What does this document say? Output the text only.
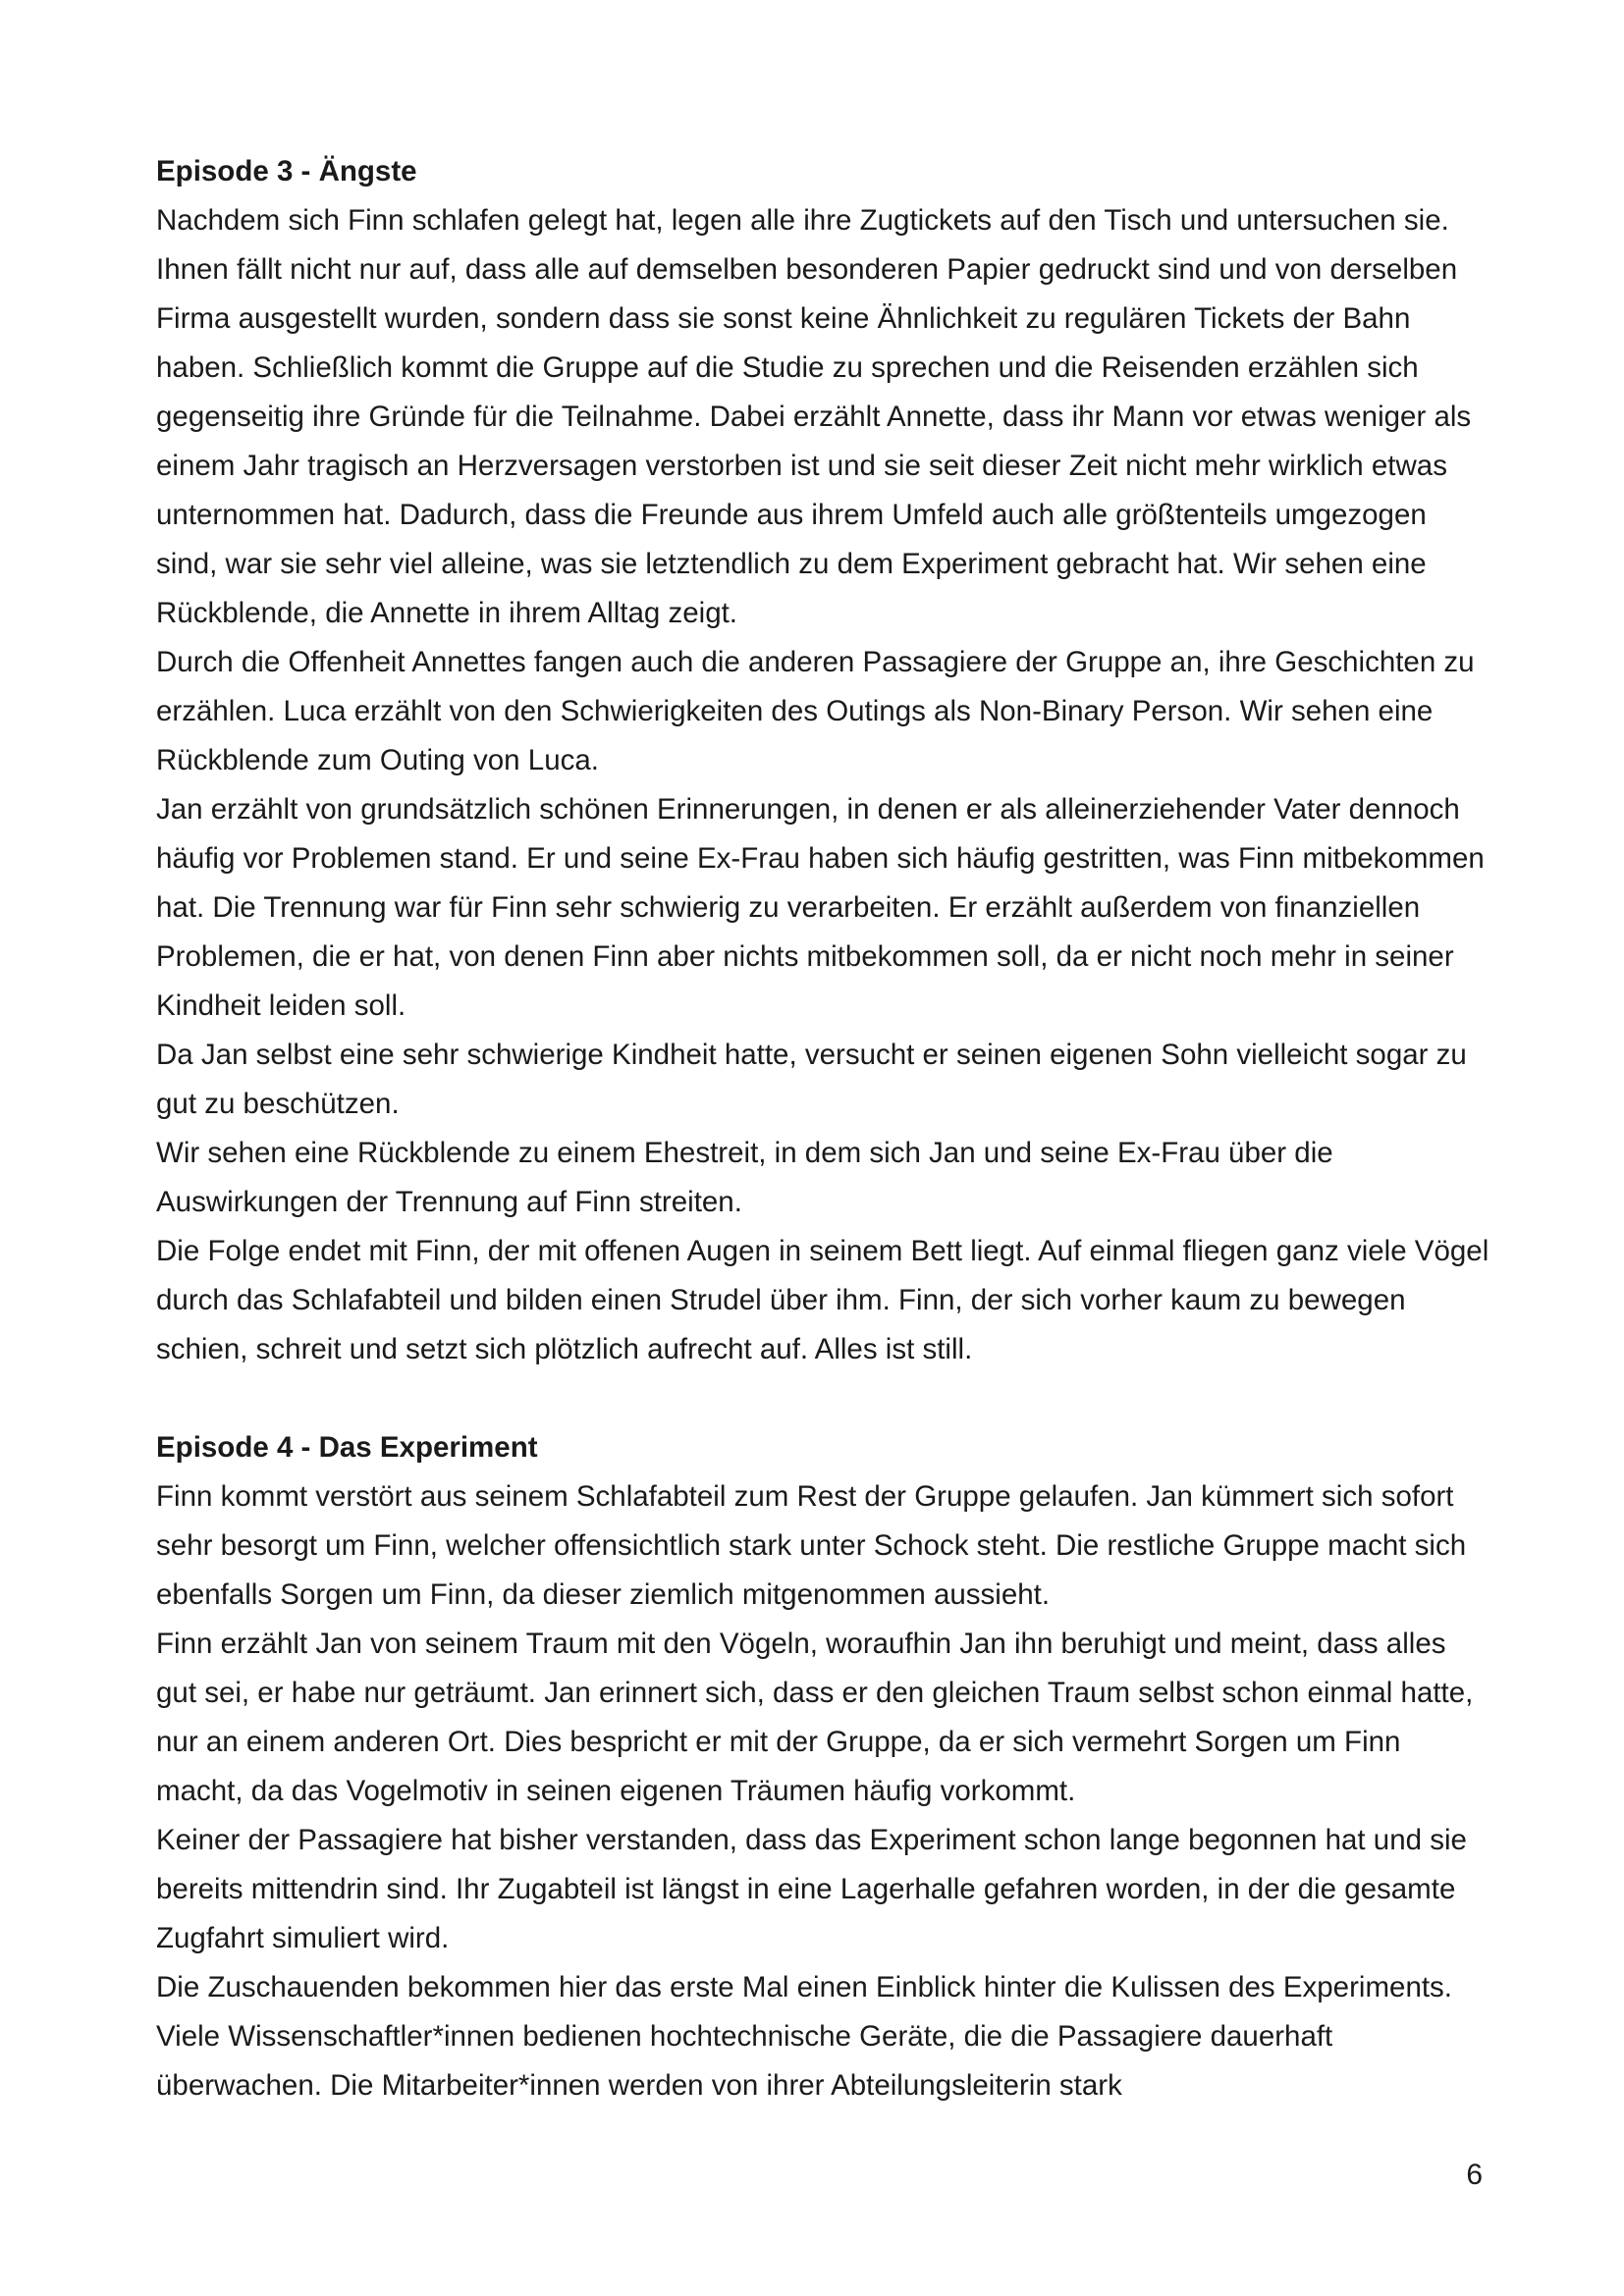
Episode 3 - Ängste

Nachdem sich Finn schlafen gelegt hat, legen alle ihre Zugtickets auf den Tisch und untersuchen sie. Ihnen fällt nicht nur auf, dass alle auf demselben besonderen Papier gedruckt sind und von derselben Firma ausgestellt wurden, sondern dass sie sonst keine Ähnlichkeit zu regulären Tickets der Bahn haben. Schließlich kommt die Gruppe auf die Studie zu sprechen und die Reisenden erzählen sich gegenseitig ihre Gründe für die Teilnahme. Dabei erzählt Annette, dass ihr Mann vor etwas weniger als einem Jahr tragisch an Herzversagen verstorben ist und sie seit dieser Zeit nicht mehr wirklich etwas unternommen hat. Dadurch, dass die Freunde aus ihrem Umfeld auch alle größtenteils umgezogen sind, war sie sehr viel alleine, was sie letztendlich zu dem Experiment gebracht hat. Wir sehen eine Rückblende, die Annette in ihrem Alltag zeigt.

Durch die Offenheit Annettes fangen auch die anderen Passagiere der Gruppe an, ihre Geschichten zu erzählen. Luca erzählt von den Schwierigkeiten des Outings als Non-Binary Person. Wir sehen eine Rückblende zum Outing von Luca.

Jan erzählt von grundsätzlich schönen Erinnerungen, in denen er als alleinerziehender Vater dennoch häufig vor Problemen stand. Er und seine Ex-Frau haben sich häufig gestritten, was Finn mitbekommen hat. Die Trennung war für Finn sehr schwierig zu verarbeiten. Er erzählt außerdem von finanziellen Problemen, die er hat, von denen Finn aber nichts mitbekommen soll, da er nicht noch mehr in seiner Kindheit leiden soll.

Da Jan selbst eine sehr schwierige Kindheit hatte, versucht er seinen eigenen Sohn vielleicht sogar zu gut zu beschützen.

Wir sehen eine Rückblende zu einem Ehestreit, in dem sich Jan und seine Ex-Frau über die Auswirkungen der Trennung auf Finn streiten.

Die Folge endet mit Finn, der mit offenen Augen in seinem Bett liegt. Auf einmal fliegen ganz viele Vögel durch das Schlafabteil und bilden einen Strudel über ihm. Finn, der sich vorher kaum zu bewegen schien, schreit und setzt sich plötzlich aufrecht auf. Alles ist still.

Episode 4 - Das Experiment

Finn kommt verstört aus seinem Schlafabteil zum Rest der Gruppe gelaufen. Jan kümmert sich sofort sehr besorgt um Finn, welcher offensichtlich stark unter Schock steht. Die restliche Gruppe macht sich ebenfalls Sorgen um Finn, da dieser ziemlich mitgenommen aussieht.

Finn erzählt Jan von seinem Traum mit den Vögeln, woraufhin Jan ihn beruhigt und meint, dass alles gut sei, er habe nur geträumt. Jan erinnert sich, dass er den gleichen Traum selbst schon einmal hatte, nur an einem anderen Ort. Dies bespricht er mit der Gruppe, da er sich vermehrt Sorgen um Finn macht, da das Vogelmotiv in seinen eigenen Träumen häufig vorkommt.

Keiner der Passagiere hat bisher verstanden, dass das Experiment schon lange begonnen hat und sie bereits mittendrin sind. Ihr Zugabteil ist längst in eine Lagerhalle gefahren worden, in der die gesamte Zugfahrt simuliert wird.

Die Zuschauenden bekommen hier das erste Mal einen Einblick hinter die Kulissen des Experiments. Viele Wissenschaftler*innen bedienen hochtechnische Geräte, die die Passagiere dauerhaft überwachen. Die Mitarbeiter*innen werden von ihrer Abteilungsleiterin stark

6
